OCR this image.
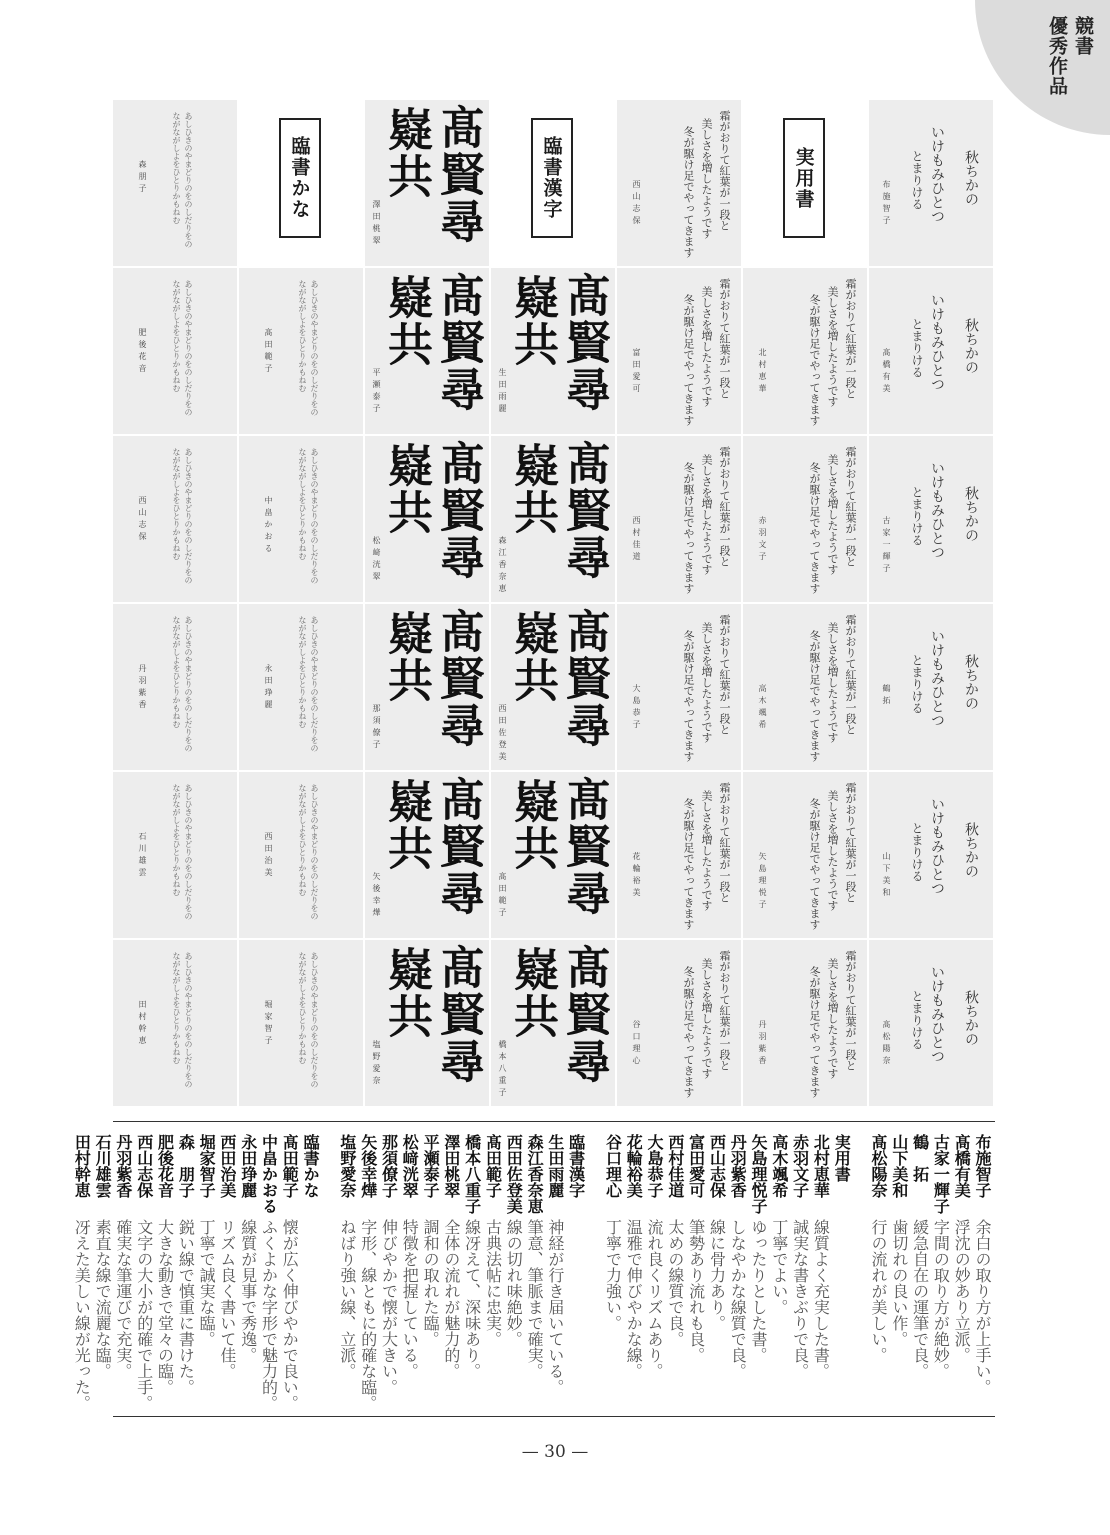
競書
優秀作品
秋ちかの
いけもみひとつ
とまりける
布施智子
秋ちかの
いけもみひとつ
とまりける
髙橋有美
秋ちかの
いけもみひとつ
とまりける
古家一輝子
秋ちかの
いけもみひとつ
とまりける
鶴拓
秋ちかの
いけもみひとつ
とまりける
山下美和
秋ちかの
いけもみひとつ
とまりける
髙松陽奈
実用書
霜がおりて紅葉が一段と
美しさを増したようです
冬が駆け足でやってきます
北村恵華
霜がおりて紅葉が一段と
美しさを増したようです
冬が駆け足でやってきます
赤羽文子
霜がおりて紅葉が一段と
美しさを増したようです
冬が駆け足でやってきます
高木颯希
霜がおりて紅葉が一段と
美しさを増したようです
冬が駆け足でやってきます
矢島理悦子
霜がおりて紅葉が一段と
美しさを増したようです
冬が駆け足でやってきます
丹羽紫香
霜がおりて紅葉が一段と
美しさを増したようです
冬が駆け足でやってきます
西山志保
霜がおりて紅葉が一段と
美しさを増したようです
冬が駆け足でやってきます
富田愛可
霜がおりて紅葉が一段と
美しさを増したようです
冬が駆け足でやってきます
西村佳道
霜がおりて紅葉が一段と
美しさを増したようです
冬が駆け足でやってきます
大島恭子
霜がおりて紅葉が一段と
美しさを増したようです
冬が駆け足でやってきます
花輪裕美
霜がおりて紅葉が一段と
美しさを増したようです
冬が駆け足でやってきます
谷口理心
臨書漢字
髙賢尋
嶷共
生田雨麗
髙賢尋
嶷共
森江香奈恵
髙賢尋
嶷共
西田佐登美
髙賢尋
嶷共
髙田範子
髙賢尋
嶷共
橋本八重子
髙賢尋
嶷共
澤田桃翠
髙賢尋
嶷共
平瀬泰子
髙賢尋
嶷共
松﨑洸翠
髙賢尋
嶷共
那須僚子
髙賢尋
嶷共
矢後幸燁
髙賢尋
嶷共
塩野愛奈
臨書かな
あしひきのやまどりのをのしだりをの
ながながしよをひとりかもねむ
髙田範子
あしひきのやまどりのをのしだりをの
ながながしよをひとりかもねむ
中畠かおる
あしひきのやまどりのをのしだりをの
ながながしよをひとりかもねむ
永田琤麗
あしひきのやまどりのをのしだりをの
ながながしよをひとりかもねむ
西田治美
あしひきのやまどりのをのしだりをの
ながながしよをひとりかもねむ
堀家智子
あしひきのやまどりのをのしだりをの
ながながしよをひとりかもねむ
森朋子
あしひきのやまどりのをのしだりをの
ながながしよをひとりかもねむ
肥後花音
あしひきのやまどりのをのしだりをの
ながながしよをひとりかもねむ
西山志保
あしひきのやまどりのをのしだりをの
ながながしよをひとりかもねむ
丹羽紫香
あしひきのやまどりのをのしだりをの
ながながしよをひとりかもねむ
石川雄雲
あしひきのやまどりのをのしだりをの
ながながしよをひとりかもねむ
田村幹恵
布施智子余白の取り方が上手い。
髙橋有美浮沈の妙あり立派。
古家一輝子字間の取り方が絶妙。
鶴　拓緩急自在の運筆で良。
山下美和歯切れの良い作。
髙松陽奈行の流れが美しい。
実用書
北村恵華線質よく充実した書。
赤羽文子誠実な書きぶりで良。
高木颯希丁寧でよい。
矢島理悦子ゆったりとした書。
丹羽紫香しなやかな線質で良。
西山志保線に骨力あり。
富田愛可筆勢あり流れも良。
西村佳道太めの線質で良。
大島恭子流れ良くリズムあり。
花輪裕美温雅で伸びやかな線。
谷口理心丁寧で力強い。
臨書漢字
生田雨麗神経が行き届いている。
森江香奈恵筆意、筆脈まで確実。
西田佐登美線の切れ味絶妙。
髙田範子古典法帖に忠実。
橋本八重子線冴えて、深味あり。
澤田桃翠全体の流れが魅力的。
平瀬泰子調和の取れた臨。
松﨑洸翠特徴を把握している。
那須僚子伸びやかで懐が大きい。
矢後幸燁字形、線ともに的確な臨。
塩野愛奈ねばり強い線、立派。
臨書かな
髙田範子懐が広く伸びやかで良い。
中畠かおるふくよかな字形で魅力的。
永田琤麗線質が見事で秀逸。
西田治美リズム良く書いて佳。
堀家智子丁寧で誠実な臨。
森　朋子鋭い線で慎重に書けた。
肥後花音大きな動きで堂々の臨。
西山志保文字の大小が的確で上手。
丹羽紫香確実な筆運びで充実。
石川雄雲素直な線で流麗な臨。
田村幹恵冴えた美しい線が光った。
— 30 —
